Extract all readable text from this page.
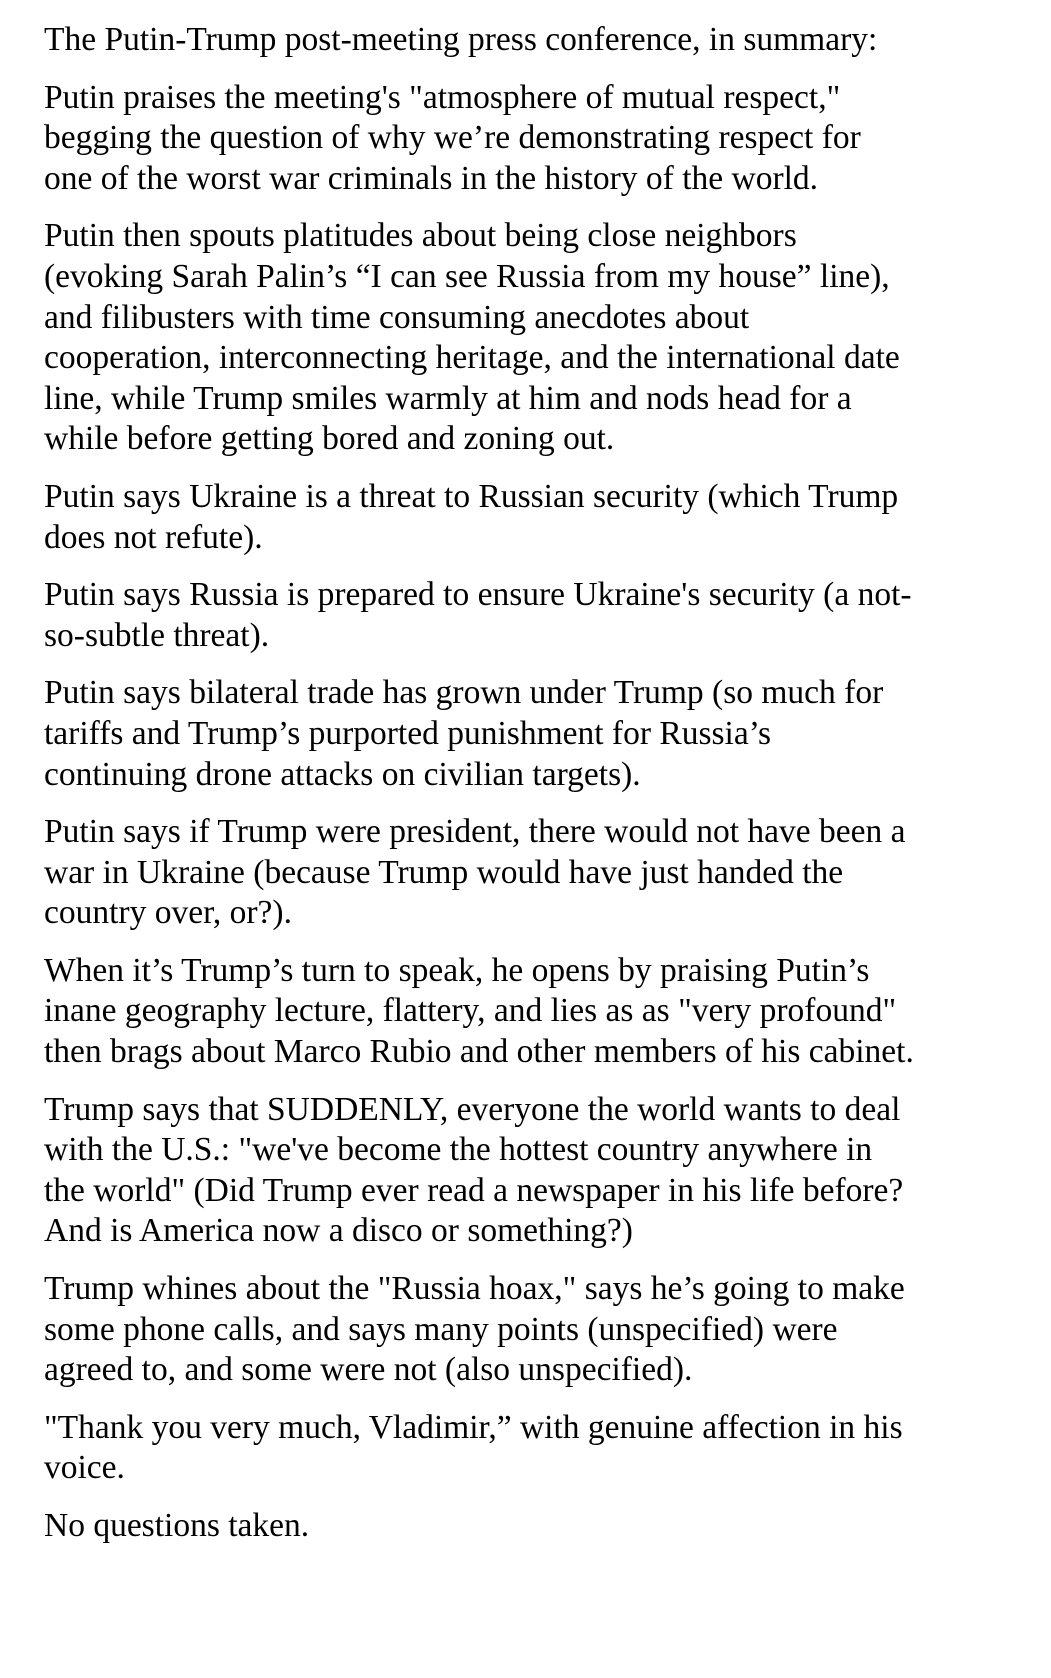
The Putin-Trump post-meeting press conference, in summary:

Putin praises the meeting's "atmosphere of mutual respect,"
begging the question of why we’re demonstrating respect for
one of the worst war criminals in the history of the world.

Putin then spouts platitudes about being close neighbors
(evoking Sarah Palin’s “I can see Russia from my house” line),
and filibusters with time consuming anecdotes about
cooperation, interconnecting heritage, and the international date
line, while Trump smiles warmly at him and nods head for a
while before getting bored and zoning out.

Putin says Ukraine is a threat to Russian security (which Trump
does not refute).

Putin says Russia is prepared to ensure Ukraine's security (a not-
so-subtle threat).

Putin says bilateral trade has grown under Trump (so much for
tariffs and Trump’s purported punishment for Russia’s
continuing drone attacks on civilian targets).

Putin says if Trump were president, there would not have been a
war in Ukraine (because Trump would have just handed the
country over, or?).

When it’s Trump’s turn to speak, he opens by praising Putin’s
inane geography lecture, flattery, and lies as as "very profound"
then brags about Marco Rubio and other members of his cabinet.

Trump says that SUDDENLY, everyone the world wants to deal
with the U.S.: "we've become the hottest country anywhere in
the world" (Did Trump ever read a newspaper in his life before?
And is America now a disco or something?)

Trump whines about the "Russia hoax," says he’s going to make
some phone calls, and says many points (unspecified) were
agreed to, and some were not (also unspecified).

"Thank you very much, Vladimir,” with genuine affection in his
voice.

No questions taken.
